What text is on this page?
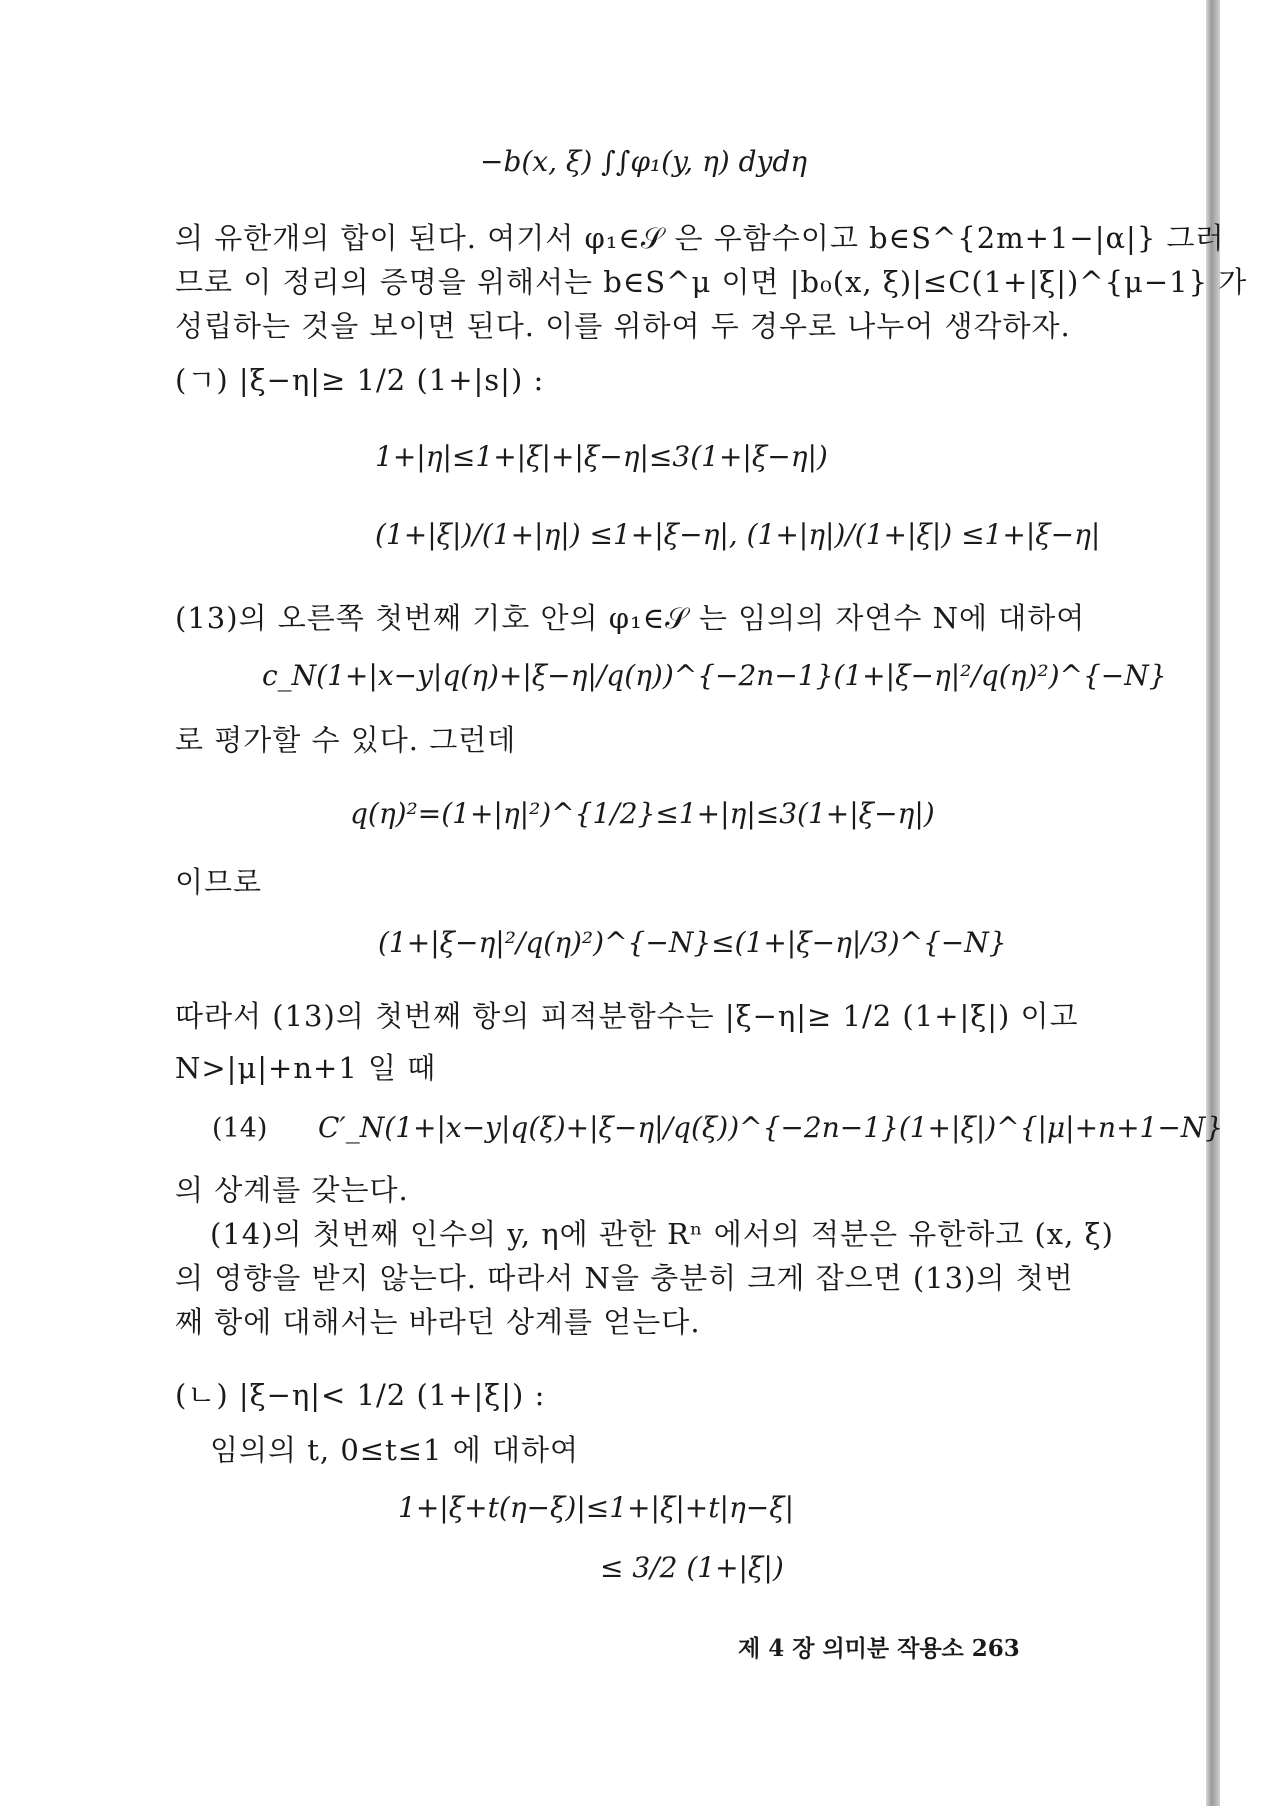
−b(x, ξ) ∫∫φ₁(y, η) dydη
의 유한개의 합이 된다. 여기서 φ₁∈𝒮 은 우함수이고 b∈S^{2m+1−|α|} 그러
므로 이 정리의 증명을 위해서는 b∈S^μ 이면 |b₀(x, ξ)|≤C(1+|ξ|)^{μ−1} 가
성립하는 것을 보이면 된다. 이를 위하여 두 경우로 나누어 생각하자.
(ㄱ) |ξ−η|≥ 1/2 (1+|s|) :
1+|η|≤1+|ξ|+|ξ−η|≤3(1+|ξ−η|)
(1+|ξ|)/(1+|η|) ≤1+|ξ−η|, (1+|η|)/(1+|ξ|) ≤1+|ξ−η|
(13)의 오른쪽 첫번째 기호 안의 φ₁∈𝒮 는 임의의 자연수 N에 대하여
c_N(1+|x−y|q(η)+|ξ−η|/q(η))^{−2n−1}(1+|ξ−η|²/q(η)²)^{−N}
로 평가할 수 있다. 그런데
q(η)²=(1+|η|²)^{1/2}≤1+|η|≤3(1+|ξ−η|)
이므로
(1+|ξ−η|²/q(η)²)^{−N}≤(1+|ξ−η|/3)^{−N}
따라서 (13)의 첫번째 항의 피적분함수는 |ξ−η|≥ 1/2 (1+|ξ|) 이고
N>|μ|+n+1 일 때
(14) C′_N(1+|x−y|q(ξ)+|ξ−η|/q(ξ))^{−2n−1}(1+|ξ|)^{|μ|+n+1−N}
의 상계를 갖는다.
(14)의 첫번째 인수의 y, η에 관한 Rⁿ 에서의 적분은 유한하고 (x, ξ)
의 영향을 받지 않는다. 따라서 N을 충분히 크게 잡으면 (13)의 첫번
째 항에 대해서는 바라던 상계를 얻는다.
(ㄴ) |ξ−η|< 1/2 (1+|ξ|) :
임의의 t, 0≤t≤1 에 대하여
1+|ξ+t(η−ξ)|≤1+|ξ|+t|η−ξ|
≤ 3/2 (1+|ξ|)
제 4 장 의미분 작용소 263
